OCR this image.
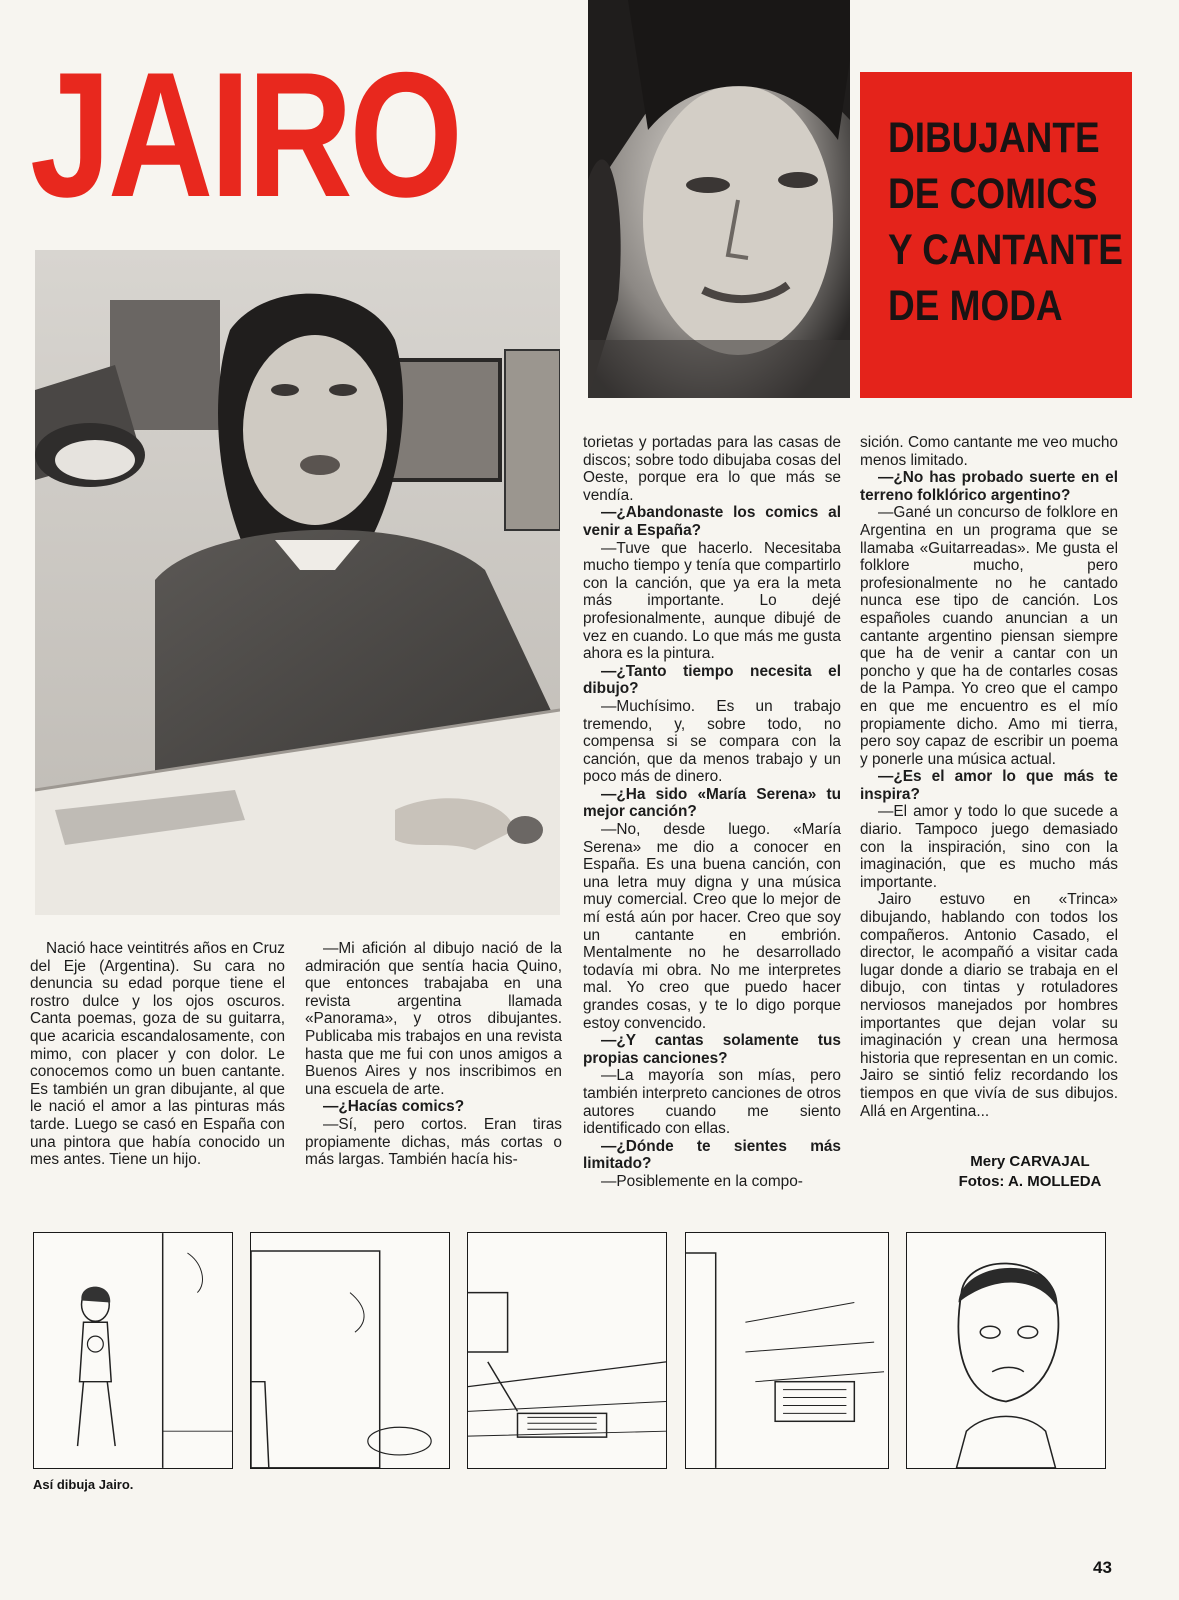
JAIRO	DIBUJANTE
DE COMICS
Y CANTANTE
DE MODA

Nació hace veintitrés años en Cruz del Eje (Argentina). Su cara no denuncia su edad porque tiene el rostro dulce y los ojos oscuros. Canta poemas, goza de su guitarra, que acaricia escandalosamente, con mimo, con placer y con dolor. Le conocemos como un buen cantante. Es también un gran dibujante, al que le nació el amor a las pinturas más tarde. Luego se casó en España con una pintora que había conocido un mes antes. Tiene un hijo.

—Mi afición al dibujo nació de la admiración que sentía hacia Quino, que entonces trabajaba en una revista argentina llamada «Panorama», y otros dibujantes. Publicaba mis trabajos en una revista hasta que me fui con unos amigos a Buenos Aires y nos inscribimos en una escuela de arte.

—¿Hacías comics?

—Sí, pero cortos. Eran tiras propiamente dichas, más cortas o más largas. También hacía his-

torietas y portadas para las casas de discos; sobre todo dibujaba cosas del Oeste, porque era lo que más se vendía.

—¿Abandonaste los comics al venir a España?

—Tuve que hacerlo. Necesitaba mucho tiempo y tenía que compartirlo con la canción, que ya era la meta más importante. Lo dejé profesionalmente, aunque dibujé de vez en cuando. Lo que más me gusta ahora es la pintura.

—¿Tanto tiempo necesita el dibujo?

—Muchísimo. Es un trabajo tremendo, y, sobre todo, no compensa si se compara con la canción, que da menos trabajo y un poco más de dinero.

—¿Ha sido «María Serena» tu mejor canción?

—No, desde luego. «María Serena» me dio a conocer en España. Es una buena canción, con una letra muy digna y una música muy comercial. Creo que lo mejor de mí está aún por hacer. Creo que soy un cantante en embrión. Mentalmente no he desarrollado todavía mi obra. No me interpretes mal. Yo creo que puedo hacer grandes cosas, y te lo digo porque estoy convencido.

—¿Y cantas solamente tus propias canciones?

—La mayoría son mías, pero también interpreto canciones de otros autores cuando me siento identificado con ellas.

—¿Dónde te sientes más limitado?

—Posiblemente en la compo-

sición. Como cantante me veo mucho menos limitado.

—¿No has probado suerte en el terreno folklórico argentino?

—Gané un concurso de folklore en Argentina en un programa que se llamaba «Guitarreadas». Me gusta el folklore mucho, pero profesionalmente no he cantado nunca ese tipo de canción. Los españoles cuando anuncian a un cantante argentino piensan siempre que ha de venir a cantar con un poncho y que ha de contarles cosas de la Pampa. Yo creo que el campo en que me encuentro es el mío propiamente dicho. Amo mi tierra, pero soy capaz de escribir un poema y ponerle una música actual.

—¿Es el amor lo que más te inspira?

—El amor y todo lo que sucede a diario. Tampoco juego demasiado con la inspiración, sino con la imaginación, que es mucho más importante.

Jairo estuvo en «Trinca» dibujando, hablando con todos los compañeros. Antonio Casado, el director, le acompañó a visitar cada lugar donde a diario se trabaja en el dibujo, con tintas y rotuladores nerviosos manejados por hombres importantes que dejan volar su imaginación y crean una hermosa historia que representan en un comic. Jairo se sintió feliz recordando los tiempos en que vivía de sus dibujos. Allá en Argentina...

Mery CARVAJAL
Fotos: A. MOLLEDA
Así dibuja Jairo.
43
